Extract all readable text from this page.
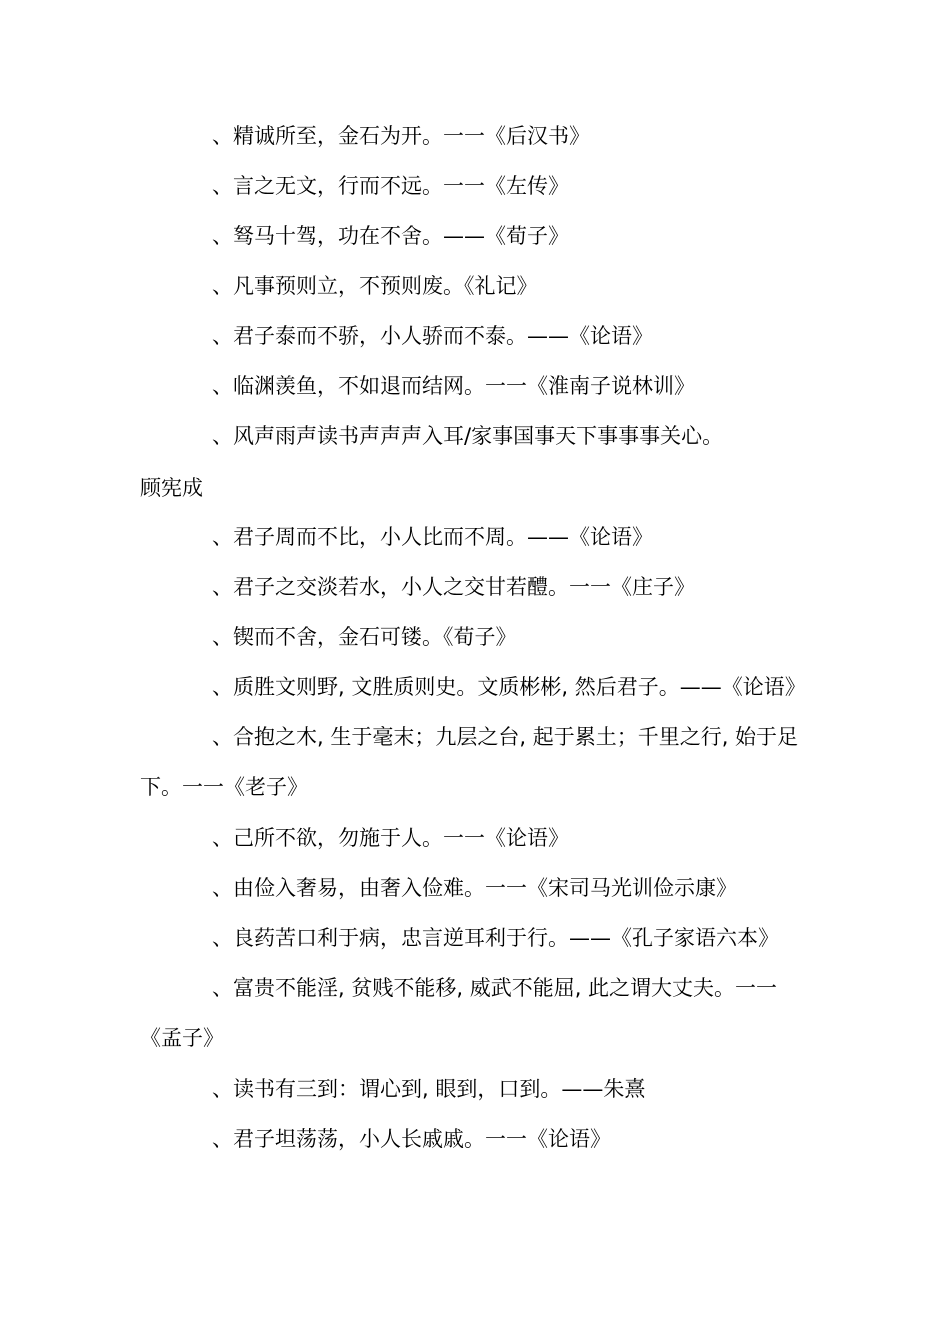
、精诚所至，金石为开。一一《后汉书》
、言之无文，行而不远。一一《左传》
、驽马十驾，功在不舍。——《荀子》
、凡事预则立，不预则废。《礼记》
、君子泰而不骄，小人骄而不泰。——《论语》
、临渊羡鱼，不如退而结网。一一《淮南子说林训》
、风声雨声读书声声声入耳/家事国事天下事事事关心。
顾宪成
、君子周而不比，小人比而不周。——《论语》
、君子之交淡若水，小人之交甘若醴。一一《庄子》
、锲而不舍，金石可镂。《荀子》
、质胜文则野, 文胜质则史。文质彬彬, 然后君子。——《论语》
、合抱之木, 生于毫末；九层之台, 起于累土；千里之行, 始于足
下。一一《老子》
、己所不欲，勿施于人。一一《论语》
、由俭入奢易，由奢入俭难。一一《宋司马光训俭示康》
、良药苦口利于病，忠言逆耳利于行。——《孔子家语六本》
、富贵不能淫, 贫贱不能移, 威武不能屈, 此之谓大丈夫。一一
《孟子》
、读书有三到：谓心到, 眼到，口到。——朱熹
、君子坦荡荡，小人长戚戚。一一《论语》
